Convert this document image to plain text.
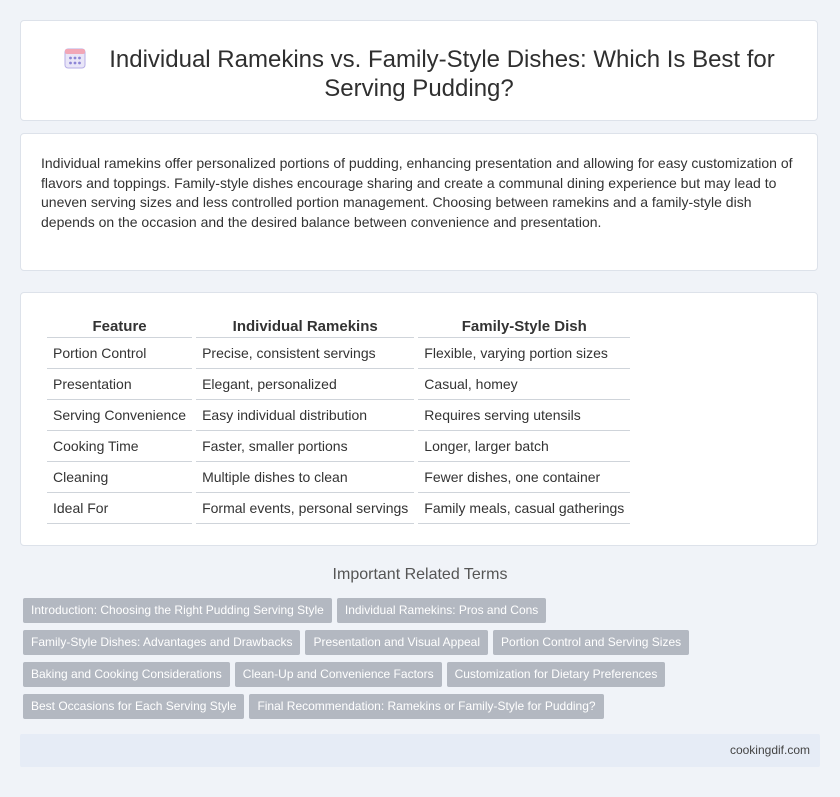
Individual Ramekins vs. Family-Style Dishes: Which Is Best for
Serving Pudding?

Individual ramekins offer personalized portions of pudding, enhancing presentation and allowing for easy customization of flavors and toppings. Family-style dishes encourage sharing and create a communal dining experience but may lead to uneven serving sizes and less controlled portion management. Choosing between ramekins and a family-style dish depends on the occasion and the desired balance between convenience and presentation.

Feature	Individual Ramekins	Family-Style Dish
Portion Control	Precise, consistent servings	Flexible, varying portion sizes
Presentation	Elegant, personalized	Casual, homey
Serving Convenience	Easy individual distribution	Requires serving utensils
Cooking Time	Faster, smaller portions	Longer, larger batch
Cleaning	Multiple dishes to clean	Fewer dishes, one container
Ideal For	Formal events, personal servings	Family meals, casual gatherings
Important Related Terms
Introduction: Choosing the Right Pudding Serving Style Individual Ramekins: Pros and Cons
Family-Style Dishes: Advantages and Drawbacks Presentation and Visual Appeal Portion Control and Serving Sizes
Baking and Cooking Considerations Clean-Up and Convenience Factors Customization for Dietary Preferences
Best Occasions for Each Serving Style Final Recommendation: Ramekins or Family-Style for Pudding?
cookingdif.com
